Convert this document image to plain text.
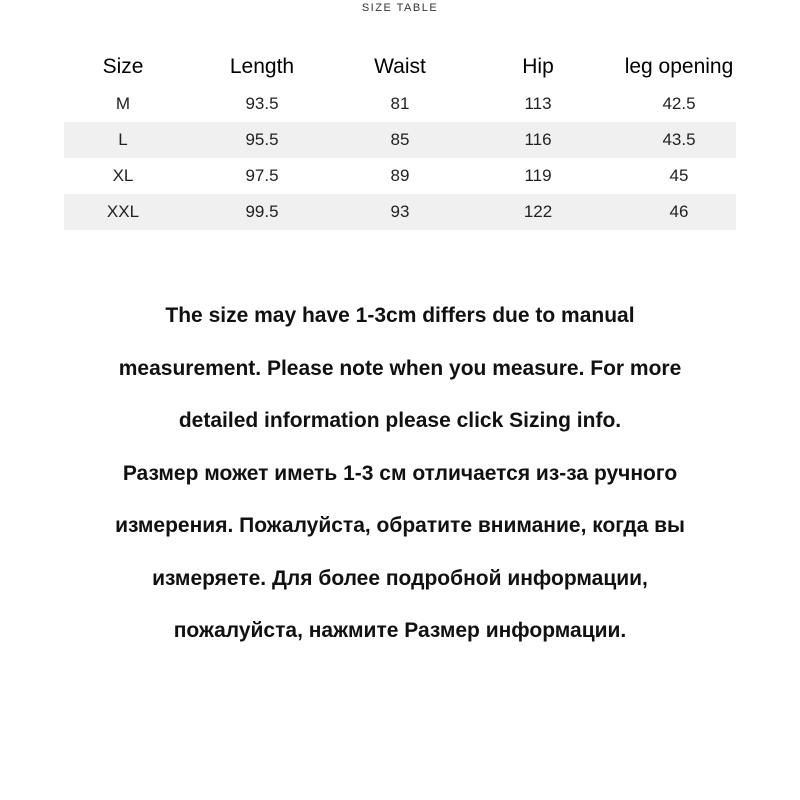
SIZE TABLE
Size	Length	Waist	Hip	leg opening
M	93.5	81	113	42.5
L	95.5	85	116	43.5
XL	97.5	89	119	45
XXL	99.5	93	122	46
The size may have 1-3cm differs due to manual
measurement. Please note when you measure. For more
detailed information please click Sizing info.
Размер может иметь 1-3 см отличается из-за ручного
измерения. Пожалуйста, обратите внимание, когда вы
измеряете. Для более подробной информации,
пожалуйста, нажмите Размер информации.
